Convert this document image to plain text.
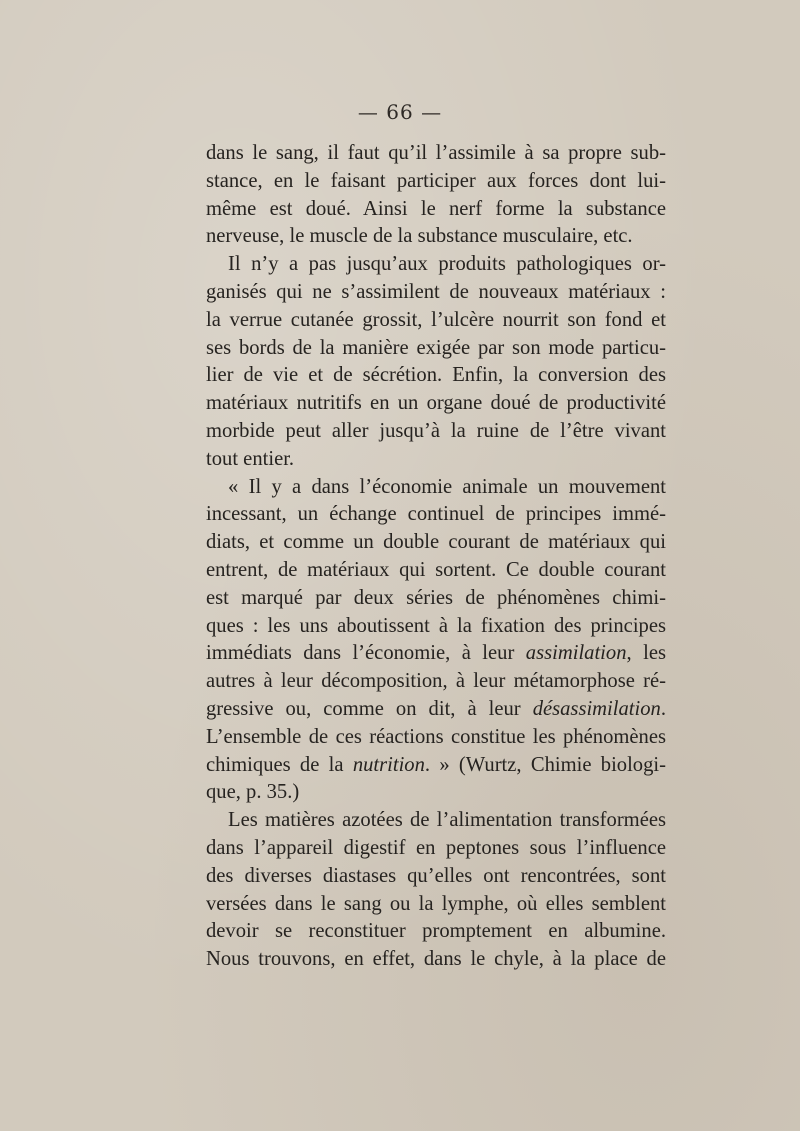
— 66 —
dans le sang, il faut qu’il l’assimile à sa propre sub-
stance, en le faisant participer aux forces dont lui-
même est doué. Ainsi le nerf forme la substance
nerveuse, le muscle de la substance musculaire, etc.
Il n’y a pas jusqu’aux produits pathologiques or-
ganisés qui ne s’assimilent de nouveaux matériaux :
la verrue cutanée grossit, l’ulcère nourrit son fond et
ses bords de la manière exigée par son mode particu-
lier de vie et de sécrétion. Enfin, la conversion des
matériaux nutritifs en un organe doué de productivité
morbide peut aller jusqu’à la ruine de l’être vivant
tout entier.
« Il y a dans l’économie animale un mouvement
incessant, un échange continuel de principes immé-
diats, et comme un double courant de matériaux qui
entrent, de matériaux qui sortent. Ce double courant
est marqué par deux séries de phénomènes chimi-
ques : les uns aboutissent à la fixation des principes
immédiats dans l’économie, à leur assimilation, les
autres à leur décomposition, à leur métamorphose ré-
gressive ou, comme on dit, à leur désassimilation.
L’ensemble de ces réactions constitue les phénomènes
chimiques de la nutrition. » (Wurtz, Chimie biologi-
que, p. 35.)
Les matières azotées de l’alimentation transformées
dans l’appareil digestif en peptones sous l’influence
des diverses diastases qu’elles ont rencontrées, sont
versées dans le sang ou la lymphe, où elles semblent
devoir se reconstituer promptement en albumine.
Nous trouvons, en effet, dans le chyle, à la place de
